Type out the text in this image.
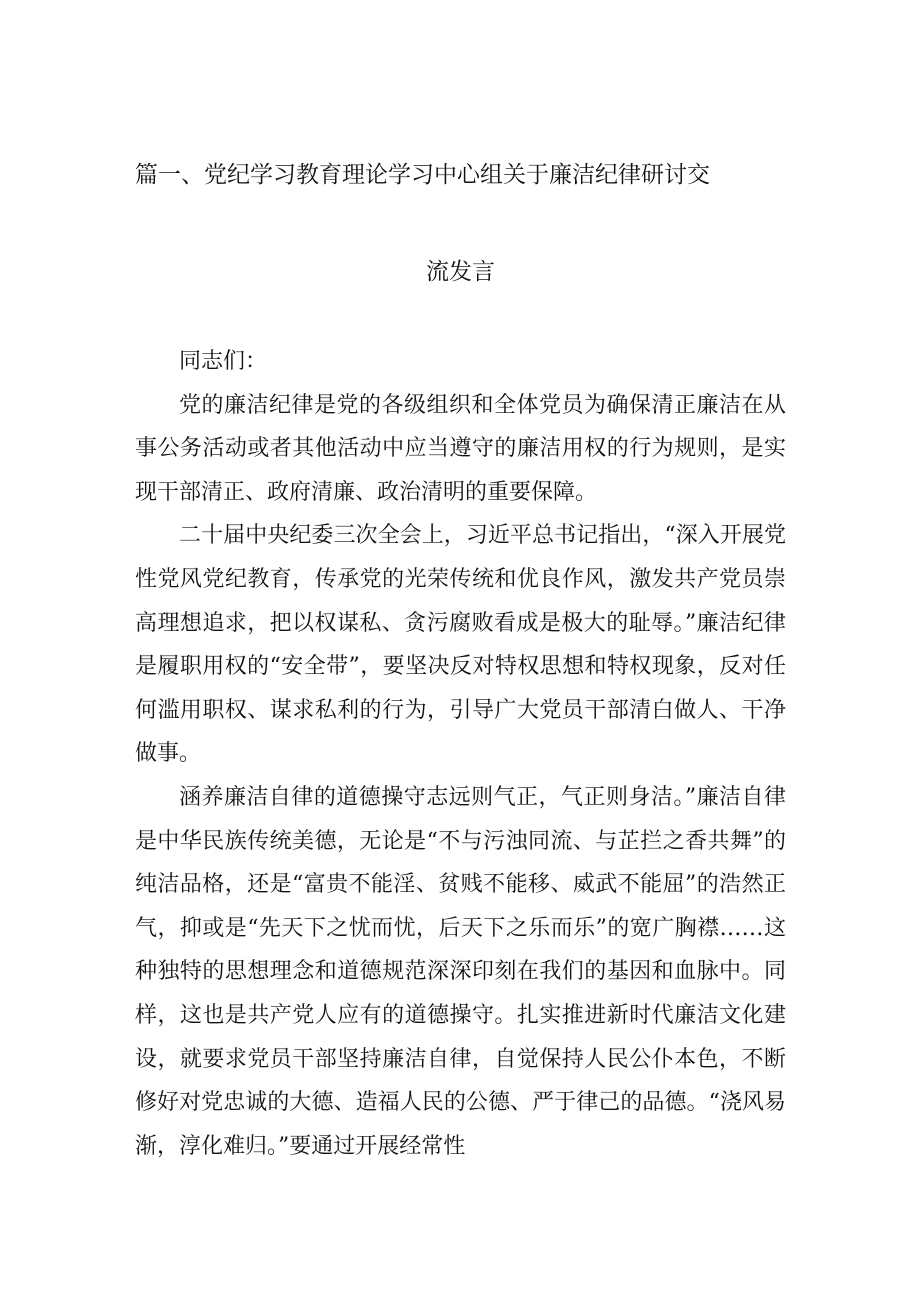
篇一、党纪学习教育理论学习中心组关于廉洁纪律研讨交
流发言

同志们：

党的廉洁纪律是党的各级组织和全体党员为确保清正廉洁在从事公务活动或者其他活动中应当遵守的廉洁用权的行为规则，是实现干部清正、政府清廉、政治清明的重要保障。

二十届中央纪委三次全会上，习近平总书记指出，“深入开展党性党风党纪教育，传承党的光荣传统和优良作风，激发共产党员崇高理想追求，把以权谋私、贪污腐败看成是极大的耻辱。”廉洁纪律是履职用权的“安全带”，要坚决反对特权思想和特权现象，反对任何滥用职权、谋求私利的行为，引导广大党员干部清白做人、干净做事。

涵养廉洁自律的道德操守志远则气正，气正则身洁。”廉洁自律是中华民族传统美德，无论是“不与污浊同流、与芷拦之香共舞”的纯洁品格，还是“富贵不能淫、贫贱不能移、威武不能屈”的浩然正气，抑或是“先天下之忧而忧，后天下之乐而乐”的宽广胸襟……这种独特的思想理念和道德规范深深印刻在我们的基因和血脉中。同样，这也是共产党人应有的道德操守。扎实推进新时代廉洁文化建设，就要求党员干部坚持廉洁自律，自觉保持人民公仆本色，不断修好对党忠诚的大德、造福人民的公德、严于律己的品德。“浇风易渐，淳化难归。”要通过开展经常性
